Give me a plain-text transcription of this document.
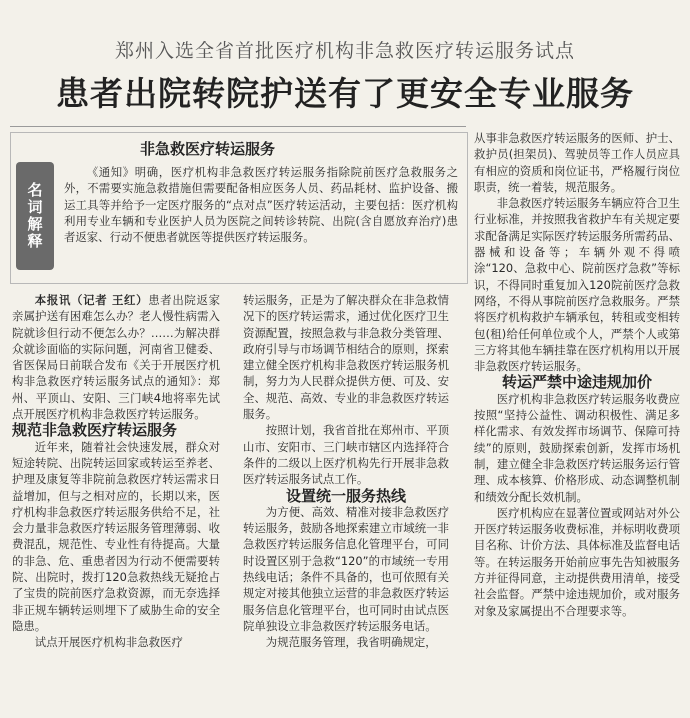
郑州入选全省首批医疗机构非急救医疗转运服务试点
患者出院转院护送有了更安全专业服务
非急救医疗转运服务
名词解释
《通知》明确，医疗机构非急救医疗转运服务指除院前医疗急救服务之外，不需要实施急救措施但需要配备相应医务人员、药品耗材、监护设备、搬运工具等并给予一定医疗服务的“点对点”医疗转运活动，主要包括：医疗机构利用专业车辆和专业医护人员为医院之间转诊转院、出院(含自愿放弃治疗)患者返家、行动不便患者就医等提供医疗转运服务。

本报讯（记者 王红）患者出院返家亲属护送有困难怎么办？老人慢性病需入院就诊但行动不便怎么办？……为解决群众就诊面临的实际问题，河南省卫健委、省医保局日前联合发布《关于开展医疗机构非急救医疗转运服务试点的通知》：郑州、平顶山、安阳、三门峡4地将率先试点开展医疗机构非急救医疗转运服务。

规范非急救医疗转运服务

近年来，随着社会快速发展，群众对短途转院、出院转运回家或转运至养老、护理及康复等非院前急救医疗转运需求日益增加，但与之相对应的，长期以来，医疗机构非急救医疗转运服务供给不足，社会力量非急救医疗转运服务管理薄弱、收费混乱，规范性、专业性有待提高。大量的非急、危、重患者因为行动不便需要转院、出院时，拨打120急救热线无疑抢占了宝贵的院前医疗急救资源，而无奈选择非正规车辆转运则埋下了威胁生命的安全隐患。

试点开展医疗机构非急救医疗

转运服务，正是为了解决群众在非急救情况下的医疗转运需求，通过优化医疗卫生资源配置，按照急救与非急救分类管理、政府引导与市场调节相结合的原则，探索建立健全医疗机构非急救医疗转运服务机制，努力为人民群众提供方便、可及、安全、规范、高效、专业的非急救医疗转运服务。

按照计划，我省首批在郑州市、平顶山市、安阳市、三门峡市辖区内选择符合条件的二级以上医疗机构先行开展非急救医疗转运服务试点工作。

设置统一服务热线

为方便、高效、精准对接非急救医疗转运服务，鼓励各地探索建立市域统一非急救医疗转运服务信息化管理平台，可同时设置区别于急救“120”的市域统一专用热线电话；条件不具备的，也可依照有关规定对接其他独立运营的非急救医疗转运服务信息化管理平台，也可同时由试点医院单独设立非急救医疗转运服务电话。

为规范服务管理，我省明确规定，

从事非急救医疗转运服务的医师、护士、救护员(担架员)、驾驶员等工作人员应具有相应的资质和岗位证书，严格履行岗位职责，统一着装，规范服务。

非急救医疗转运服务车辆应符合卫生行业标准，并按照我省救护车有关规定要求配备满足实际医疗转运服务所需药品、器械和设备等；车辆外观不得喷涂“120、急救中心、院前医疗急救”等标识，不得同时重复加入120院前医疗急救网络，不得从事院前医疗急救服务。严禁将医疗机构救护车辆承包，转租或变相转包(租)给任何单位或个人，严禁个人或第三方将其他车辆挂靠在医疗机构用以开展非急救医疗转运服务。

转运严禁中途违规加价

医疗机构非急救医疗转运服务收费应按照“坚持公益性、调动积极性、满足多样化需求、有效发挥市场调节、保障可持续”的原则，鼓励探索创新，发挥市场机制，建立健全非急救医疗转运服务运行管理、成本核算、价格形成、动态调整机制和绩效分配长效机制。

医疗机构应在显著位置或网站对外公开医疗转运服务收费标准，并标明收费项目名称、计价方法、具体标准及监督电话等。在转运服务开始前应事先告知被服务方并征得同意，主动提供费用清单，接受社会监督。严禁中途违规加价，或对服务对象及家属提出不合理要求等。
